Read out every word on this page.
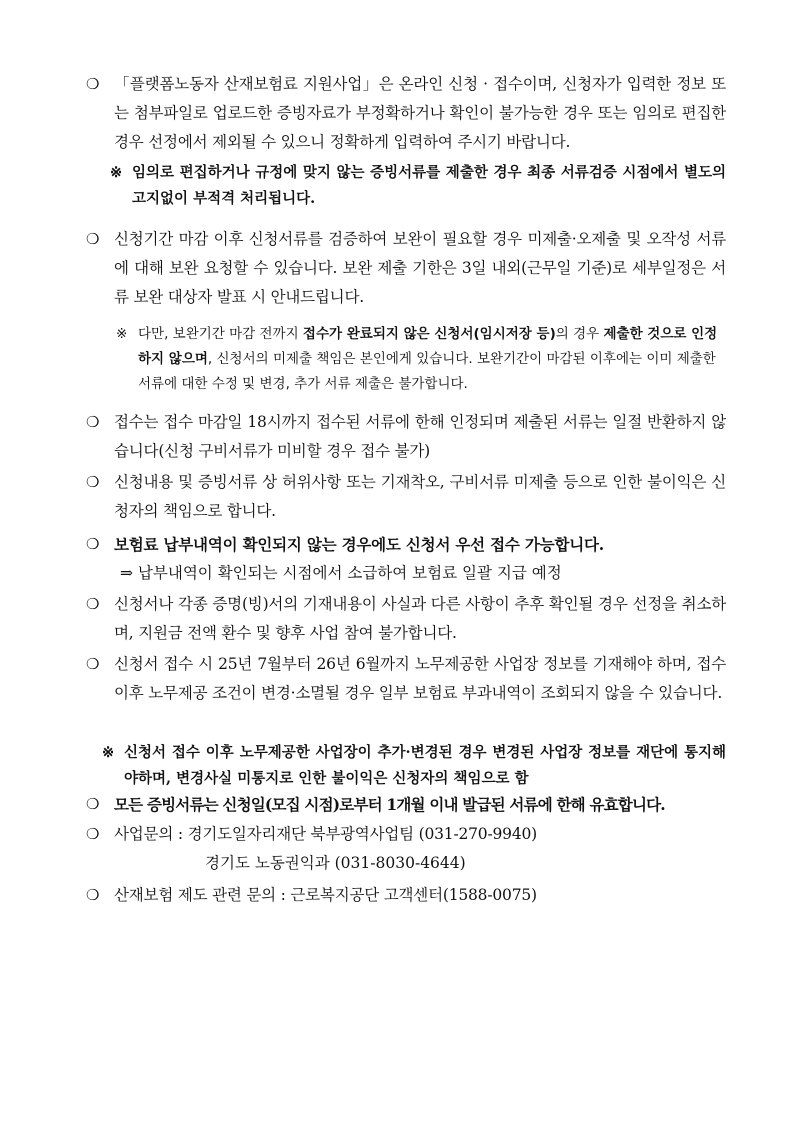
❍ 「플랫폼노동자 산재보험료 지원사업」은 온라인 신청 · 접수이며, 신청자가 입력한 정보 또는 첨부파일로 업로드한 증빙자료가 부정확하거나 확인이 불가능한 경우 또는 임의로 편집한 경우 선정에서 제외될 수 있으니 정확하게 입력하여 주시기 바랍니다.
※ 임의로 편집하거나 규정에 맞지 않는 증빙서류를 제출한 경우 최종 서류검증 시점에서 별도의 고지없이 부적격 처리됩니다.
❍ 신청기간 마감 이후 신청서류를 검증하여 보완이 필요할 경우 미제출·오제출 및 오작성 서류에 대해 보완 요청할 수 있습니다. 보완 제출 기한은 3일 내외(근무일 기준)로 세부일정은 서류 보완 대상자 발표 시 안내드립니다.
※ 다만, 보완기간 마감 전까지 접수가 완료되지 않은 신청서(임시저장 등)의 경우 제출한 것으로 인정하지 않으며, 신청서의 미제출 책임은 본인에게 있습니다. 보완기간이 마감된 이후에는 이미 제출한 서류에 대한 수정 및 변경, 추가 서류 제출은 불가합니다.
❍ 접수는 접수 마감일 18시까지 접수된 서류에 한해 인정되며 제출된 서류는 일절 반환하지 않습니다(신청 구비서류가 미비할 경우 접수 불가)
❍ 신청내용 및 증빙서류 상 허위사항 또는 기재착오, 구비서류 미제출 등으로 인한 불이익은 신청자의 책임으로 합니다.
❍ 보험료 납부내역이 확인되지 않는 경우에도 신청서 우선 접수 가능합니다.
⇒ 납부내역이 확인되는 시점에서 소급하여 보험료 일괄 지급 예정
❍ 신청서나 각종 증명(빙)서의 기재내용이 사실과 다른 사항이 추후 확인될 경우 선정을 취소하며, 지원금 전액 환수 및 향후 사업 참여 불가합니다.
❍ 신청서 접수 시 25년 7월부터 26년 6월까지 노무제공한 사업장 정보를 기재해야 하며, 접수 이후 노무제공 조건이 변경·소멸될 경우 일부 보험료 부과내역이 조회되지 않을 수 있습니다.
※ 신청서 접수 이후 노무제공한 사업장이 추가·변경된 경우 변경된 사업장 정보를 재단에 통지해야하며, 변경사실 미통지로 인한 불이익은 신청자의 책임으로 함
❍ 모든 증빙서류는 신청일(모집 시점)로부터 1개월 이내 발급된 서류에 한해 유효합니다.
❍ 사업문의 : 경기도일자리재단 북부광역사업팀 (031-270-9940)
경기도 노동권익과 (031-8030-4644)
❍ 산재보험 제도 관련 문의 : 근로복지공단 고객센터(1588-0075)
